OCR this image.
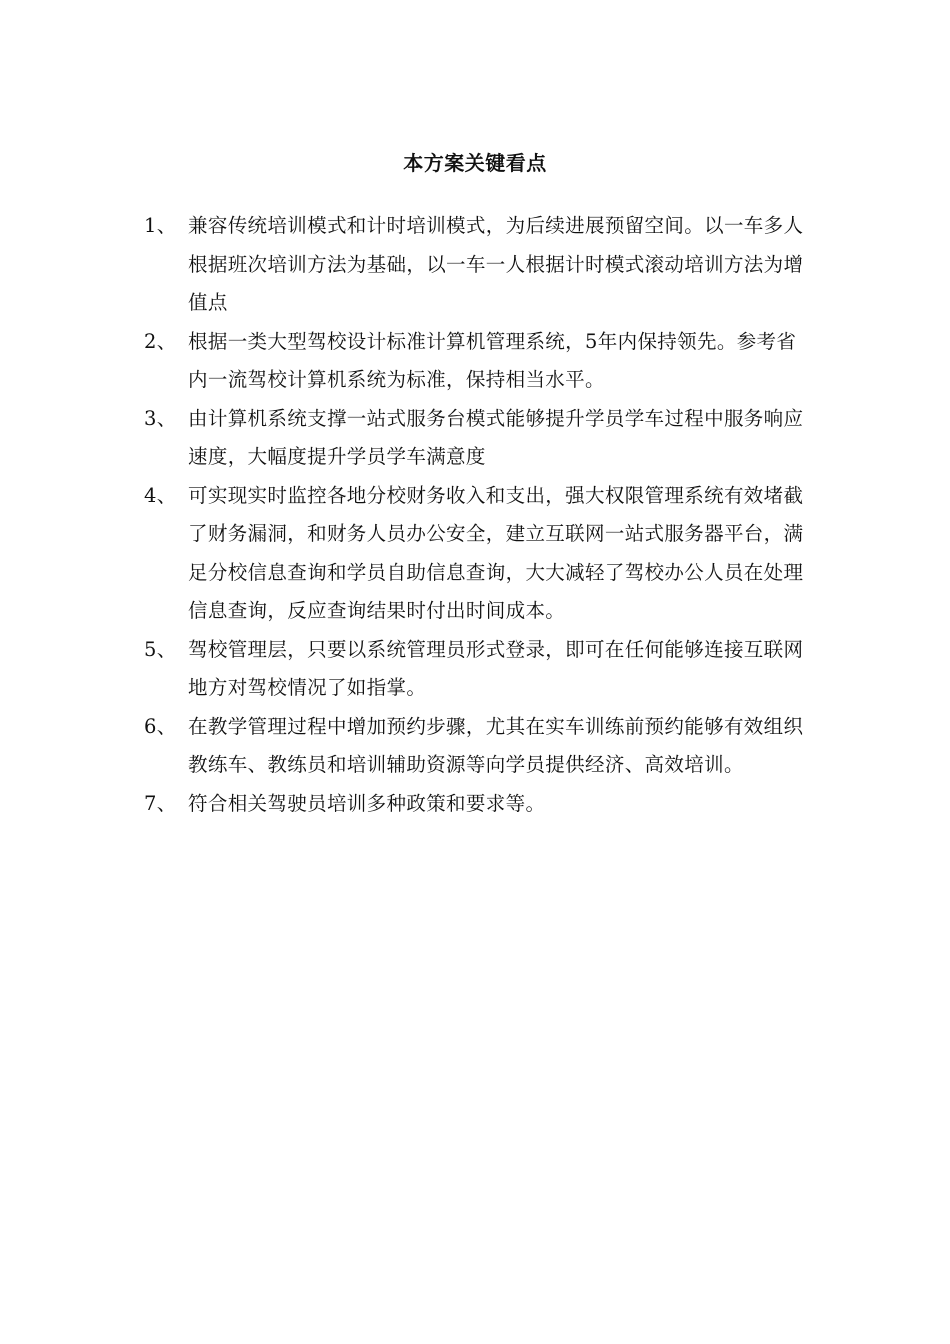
本方案关键看点
1、 兼容传统培训模式和计时培训模式，为后续进展预留空间。以一车多人根据班次培训方法为基础，以一车一人根据计时模式滚动培训方法为增值点
2、 根据一类大型驾校设计标准计算机管理系统，5年内保持领先。参考省内一流驾校计算机系统为标准，保持相当水平。
3、 由计算机系统支撑一站式服务台模式能够提升学员学车过程中服务响应速度，大幅度提升学员学车满意度
4、 可实现实时监控各地分校财务收入和支出，强大权限管理系统有效堵截了财务漏洞，和财务人员办公安全，建立互联网一站式服务器平台，满足分校信息查询和学员自助信息查询，大大减轻了驾校办公人员在处理信息查询，反应查询结果时付出时间成本。
5、 驾校管理层，只要以系统管理员形式登录，即可在任何能够连接互联网地方对驾校情况了如指掌。
6、 在教学管理过程中增加预约步骤，尤其在实车训练前预约能够有效组织教练车、教练员和培训辅助资源等向学员提供经济、高效培训。
7、 符合相关驾驶员培训多种政策和要求等。
